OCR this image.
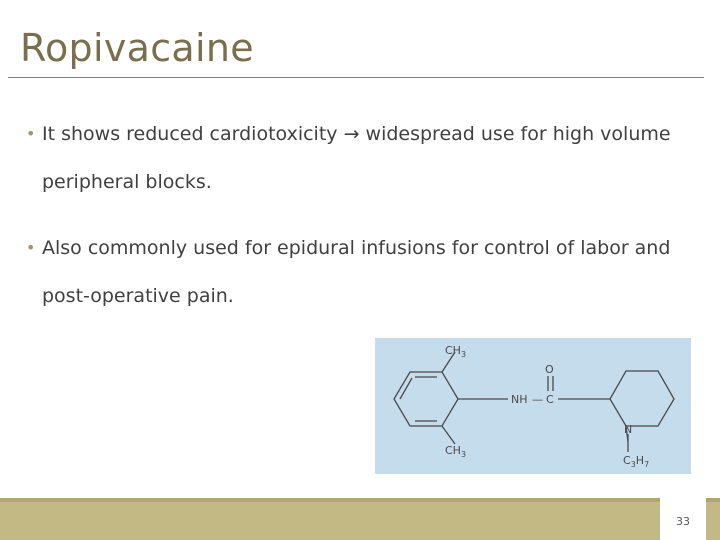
Ropivacaine
• It shows reduced cardiotoxicity → widespread use for high volume peripheral blocks.
• Also commonly used for epidural infusions for control of labor and post-operative pain.
$CH_3$
$CH_3$
O
NH — C
N
$C_3H_7$
33
